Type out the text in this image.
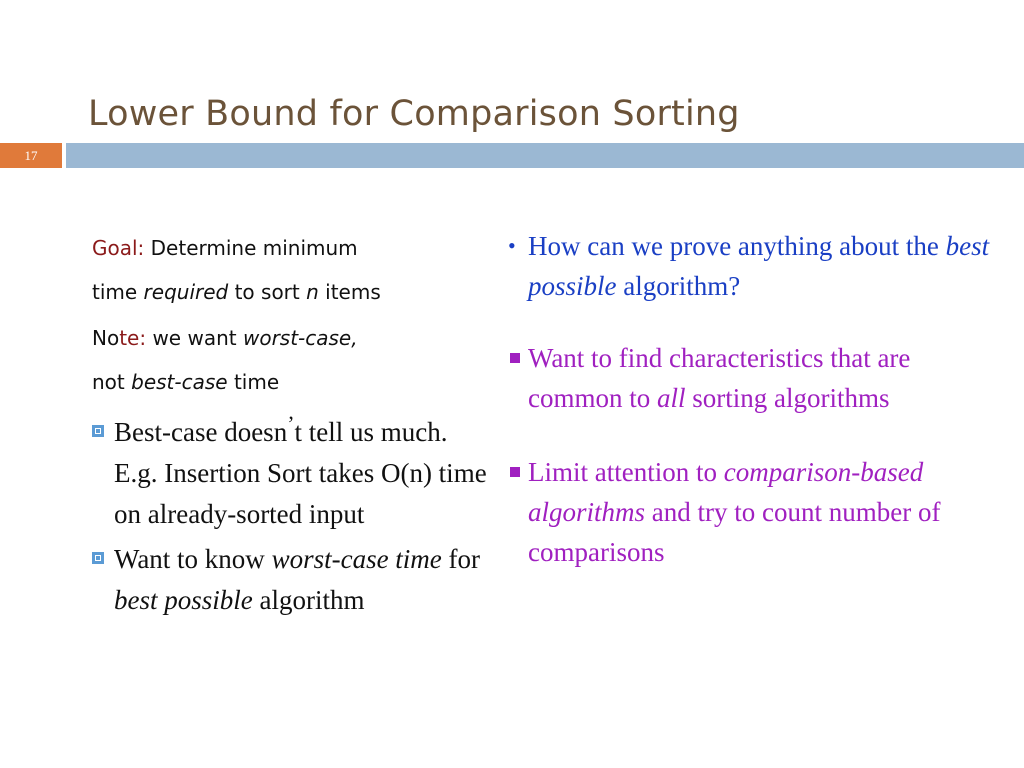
Lower Bound for Comparison Sorting
17

Goal: Determine minimum
time required to sort n items

Note: we want worst-case,
not best-case time

Best-case doesn’t tell us much. E.g. Insertion Sort takes O(n) time on already-sorted input
Want to know worst-case time for best possible algorithm
• How can we prove anything about the best possible algorithm?
Want to find characteristics that are common to all sorting algorithms
Limit attention to comparison-based algorithms and try to count number of comparisons
